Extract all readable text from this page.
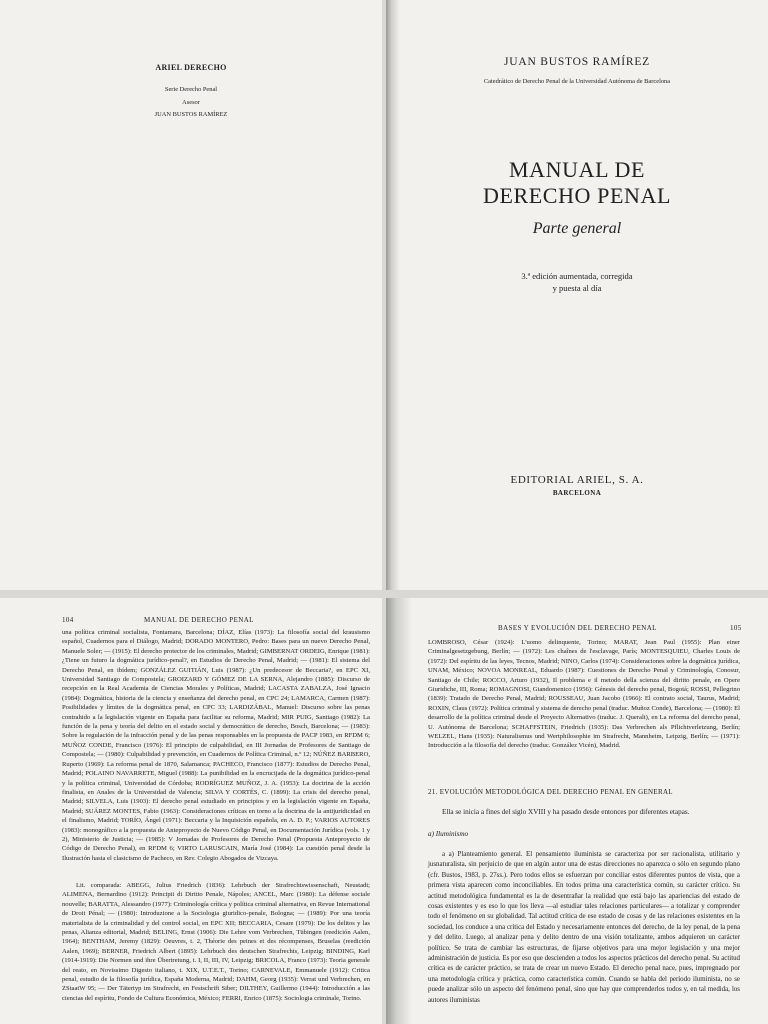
ARIEL DERECHO
Serie Derecho Penal
Asesor
JUAN BUSTOS RAMÍREZ
JUAN BUSTOS RAMÍREZ
Catedrático de Derecho Penal de la Universidad Autónoma de Barcelona
MANUAL DE
DERECHO PENAL
Parte general
3.ª edición aumentada, corregida
y puesta al día
EDITORIAL ARIEL, S. A.
BARCELONA
104	MANUAL DE DERECHO PENAL
una política criminal socialista, Fontamara, Barcelona; DÍAZ, Elías (1973): La filosofía social del krausismo español, Cuadernos para el Diálogo, Madrid; DORADO MONTERO, Pedro: Bases para un nuevo Derecho Penal, Manuele Soler; — (1915): El derecho protector de los criminales, Madrid; GIMBERNAT ORDEIG, Enrique (1981): ¿Tiene un futuro la dogmática jurídico-penal?, en Estudios de Derecho Penal, Madrid; — (1981): El sistema del Derecho Penal, en ibídem; GONZÁLEZ GUITIÁN, Luis (1987): ¿Un predecesor de Beccaria?, en EPC XI, Universidad Santiago de Compostela; GROIZARD Y GÓMEZ DE LA SERNA, Alejandro (1885): Discurso de recepción en la Real Academia de Ciencias Morales y Políticas, Madrid; LACASTA ZABALZA, José Ignacio (1984): Dogmática, historia de la ciencia y enseñanza del derecho penal, en CPC 24; LAMARCA, Carmen (1987): Posibilidades y límites de la dogmática penal, en CPC 33; LARDIZÁBAL, Manuel: Discurso sobre las penas contrahido a la legislación vigente en España para facilitar su reforma, Madrid; MIR PUIG, Santiago (1982): La función de la pena y teoría del delito en el estado social y democrático de derecho, Bosch, Barcelona; — (1983): Sobre la regulación de la infracción penal y de las penas responsables en la propuesta de PACP 1983, en RFDM 6; MUÑOZ CONDE, Francisco (1976): El principio de culpabilidad, en III Jornadas de Profesores de Santiago de Compostela; — (1980): Culpabilidad y prevención, en Cuadernos de Política Criminal, n.º 12; NÚÑEZ BARBERO, Ruperto (1969): La reforma penal de 1870, Salamanca; PACHECO, Francisco (1877): Estudios de Derecho Penal, Madrid; POLAINO NAVARRETE, Miguel (1988): La punibilidad en la encrucijada de la dogmática jurídico-penal y la política criminal, Universidad de Córdoba; RODRÍGUEZ MUÑOZ, J. A. (1953): La doctrina de la acción finalista, en Anales de la Universidad de Valencia; SILVA Y CORTÉS, C. (1899): La crisis del derecho penal, Madrid; SILVELA, Luis (1903): El derecho penal estudiado en principios y en la legislación vigente en España, Madrid; SUÁREZ MONTES, Fabio (1963): Consideraciones críticas en torno a la doctrina de la antijuridicidad en el finalismo, Madrid; TORÍO, Ángel (1971): Beccaria y la Inquisición española, en A. D. P.; VARIOS AUTORES (1983): monográfico a la propuesta de Anteproyecto de Nuevo Código Penal, en Documentación Jurídica (vols. 1 y 2), Ministerio de Justicia; — (1985): V Jornadas de Profesores de Derecho Penal (Propuesta Anteproyecto de Código de Derecho Penal), en RFDM 6; VIRTO LARUSCAIN, María José (1984): La cuestión penal desde la Ilustración hasta el clasicismo de Pacheco, en Rev. Colegio Abogados de Vizcaya.
Lit. comparada: ABEGG, Julius Friedrich (1836): Lehrbuch der Strafrechtswissenschaft, Neustadt; ALIMENA, Bernardino (1912): Principii di Diritto Penale, Nápoles; ANCEL, Marc (1980): La défense sociale nouvelle; BARATTA, Alessandro (1977): Criminología crítica y política criminal alternativa, en Revue International de Droit Pénal; — (1980): Introduzione a la Sociologia giuridico-penale, Bologna; — (1989): Por una teoría materialista de la criminalidad y del control social, en EPC XII; BECCARIA, Cesare (1979): De los delitos y las penas, Alianza editorial, Madrid; BELING, Ernst (1906): Die Lehre vom Verbrechen, Tübingen (reedición Aalen, 1964); BENTHAM, Jeremy (1829): Oeuvres, t. 2, Théorie des peines et des récompenses, Bruselas (reedición Aalen, 1969); BERNER, Friedrich Albert (1895): Lehrbuch des deutschen Strafrechts, Leipzig; BINDING, Karl (1914-1919): Die Normen und ihre Übertretung, t. I, II, III, IV, Leipzig; BRICOLA, Franco (1973): Teoria generale del reato, en Novissimo Digesto italiano, t. XIX, U.T.E.T., Torino; CARNEVALE, Emmanuele (1912): Critica penal, estudio de la filosofía jurídica, España Moderna, Madrid; DAHM, Georg (1935): Verrat und Verbrechen, en ZStaatW 95; — Der Tätertyp im Strafrecht, en Festschrift Siber; DILTHEY, Guillermo (1944): Introducción a las ciencias del espíritu, Fondo de Cultura Económica, México; FERRI, Enrico (1875): Sociologia criminale, Torino.
BASES Y EVOLUCIÓN DEL DERECHO PENAL	105
LOMBROSO, César (1924): L'uomo delinquente, Torino; MARAT, Jean Paul (1955): Plan einer Criminalgesetzgebung, Berlín; — (1972): Les chaînes de l'esclavage, París; MONTESQUIEU, Charles Louis de (1972): Del espíritu de las leyes, Tecnos, Madrid; NINO, Carlos (1974): Consideraciones sobre la dogmática jurídica, UNAM, México; NOVOA MONREAL, Eduardo (1987): Cuestiones de Derecho Penal y Criminología, Conosur, Santiago de Chile; ROCCO, Arturo (1932), Il problema e il metodo della scienza del diritto penale, en Opere Giuridiche, III, Roma; ROMAGNOSI, Giandomenico (1956): Génesis del derecho penal, Bogotá; ROSSI, Pellegrino (1839): Tratado de Derecho Penal, Madrid; ROUSSEAU, Juan Jacobo (1966): El contrato social, Taurus, Madrid; ROXIN, Claus (1972): Política criminal y sistema de derecho penal (traduc. Muñoz Conde), Barcelona; — (1980): El desarrollo de la política criminal desde el Proyecto Alternativo (traduc. J. Queralt), en La reforma del derecho penal, U. Autónoma de Barcelona; SCHAFFSTEIN, Friedrich (1935): Das Verbrechen als Pflichtverletzung, Berlín; WELZEL, Hans (1935): Naturalismus und Wertphilosophie im Strafrecht, Mannheim, Leipzig, Berlín; — (1971): Introducción a la filosofía del derecho (traduc. González Vicén), Madrid.
21. EVOLUCIÓN METODOLÓGICA DEL DERECHO PENAL EN GENERAL
Ella se inicia a fines del siglo XVIII y ha pasado desde entonces por diferentes etapas.
a) Iluminismo
a a) Planteamiento general. El pensamiento iluminista se caracteriza por ser racionalista, utilitario y jusnaturalista, sin perjuicio de que en algún autor una de estas direcciones no aparezca o sólo en segundo plano (cfr. Bustos, 1983, p. 27ss.). Pero todos ellos se esfuerzan por conciliar estos diferentes puntos de vista, que a primera vista aparecen como inconciliables. En todos prima una característica común, su carácter crítico. Su actitud metodológica fundamental es la de desentrañar la realidad que está bajo las apariencias del estado de cosas existentes y es eso lo que los lleva —al estudiar tales relaciones particulares— a totalizar y comprender todo el fenómeno en su globalidad. Tal actitud crítica de ese estado de cosas y de las relaciones existentes en la sociedad, los conduce a una crítica del Estado y necesariamente entonces del derecho, de la ley penal, de la pena y del delito. Luego, al analizar pena y delito dentro de una visión totalizante, ambos adquieren un carácter político. Se trata de cambiar las estructuras, de fijarse objetivos para una mejor legislación y una mejor administración de justicia. Es por eso que descienden a todos los aspectos prácticos del derecho penal. Su actitud crítica es de carácter práctico, se trata de crear un nuevo Estado. El derecho penal nace, pues, impregnado por una metodología crítica y práctica, como característica común. Cuando se habla del período iluminista, no se puede analizar sólo un aspecto del fenómeno penal, sino que hay que comprenderlos todos y, en tal medida, los autores iluministas
